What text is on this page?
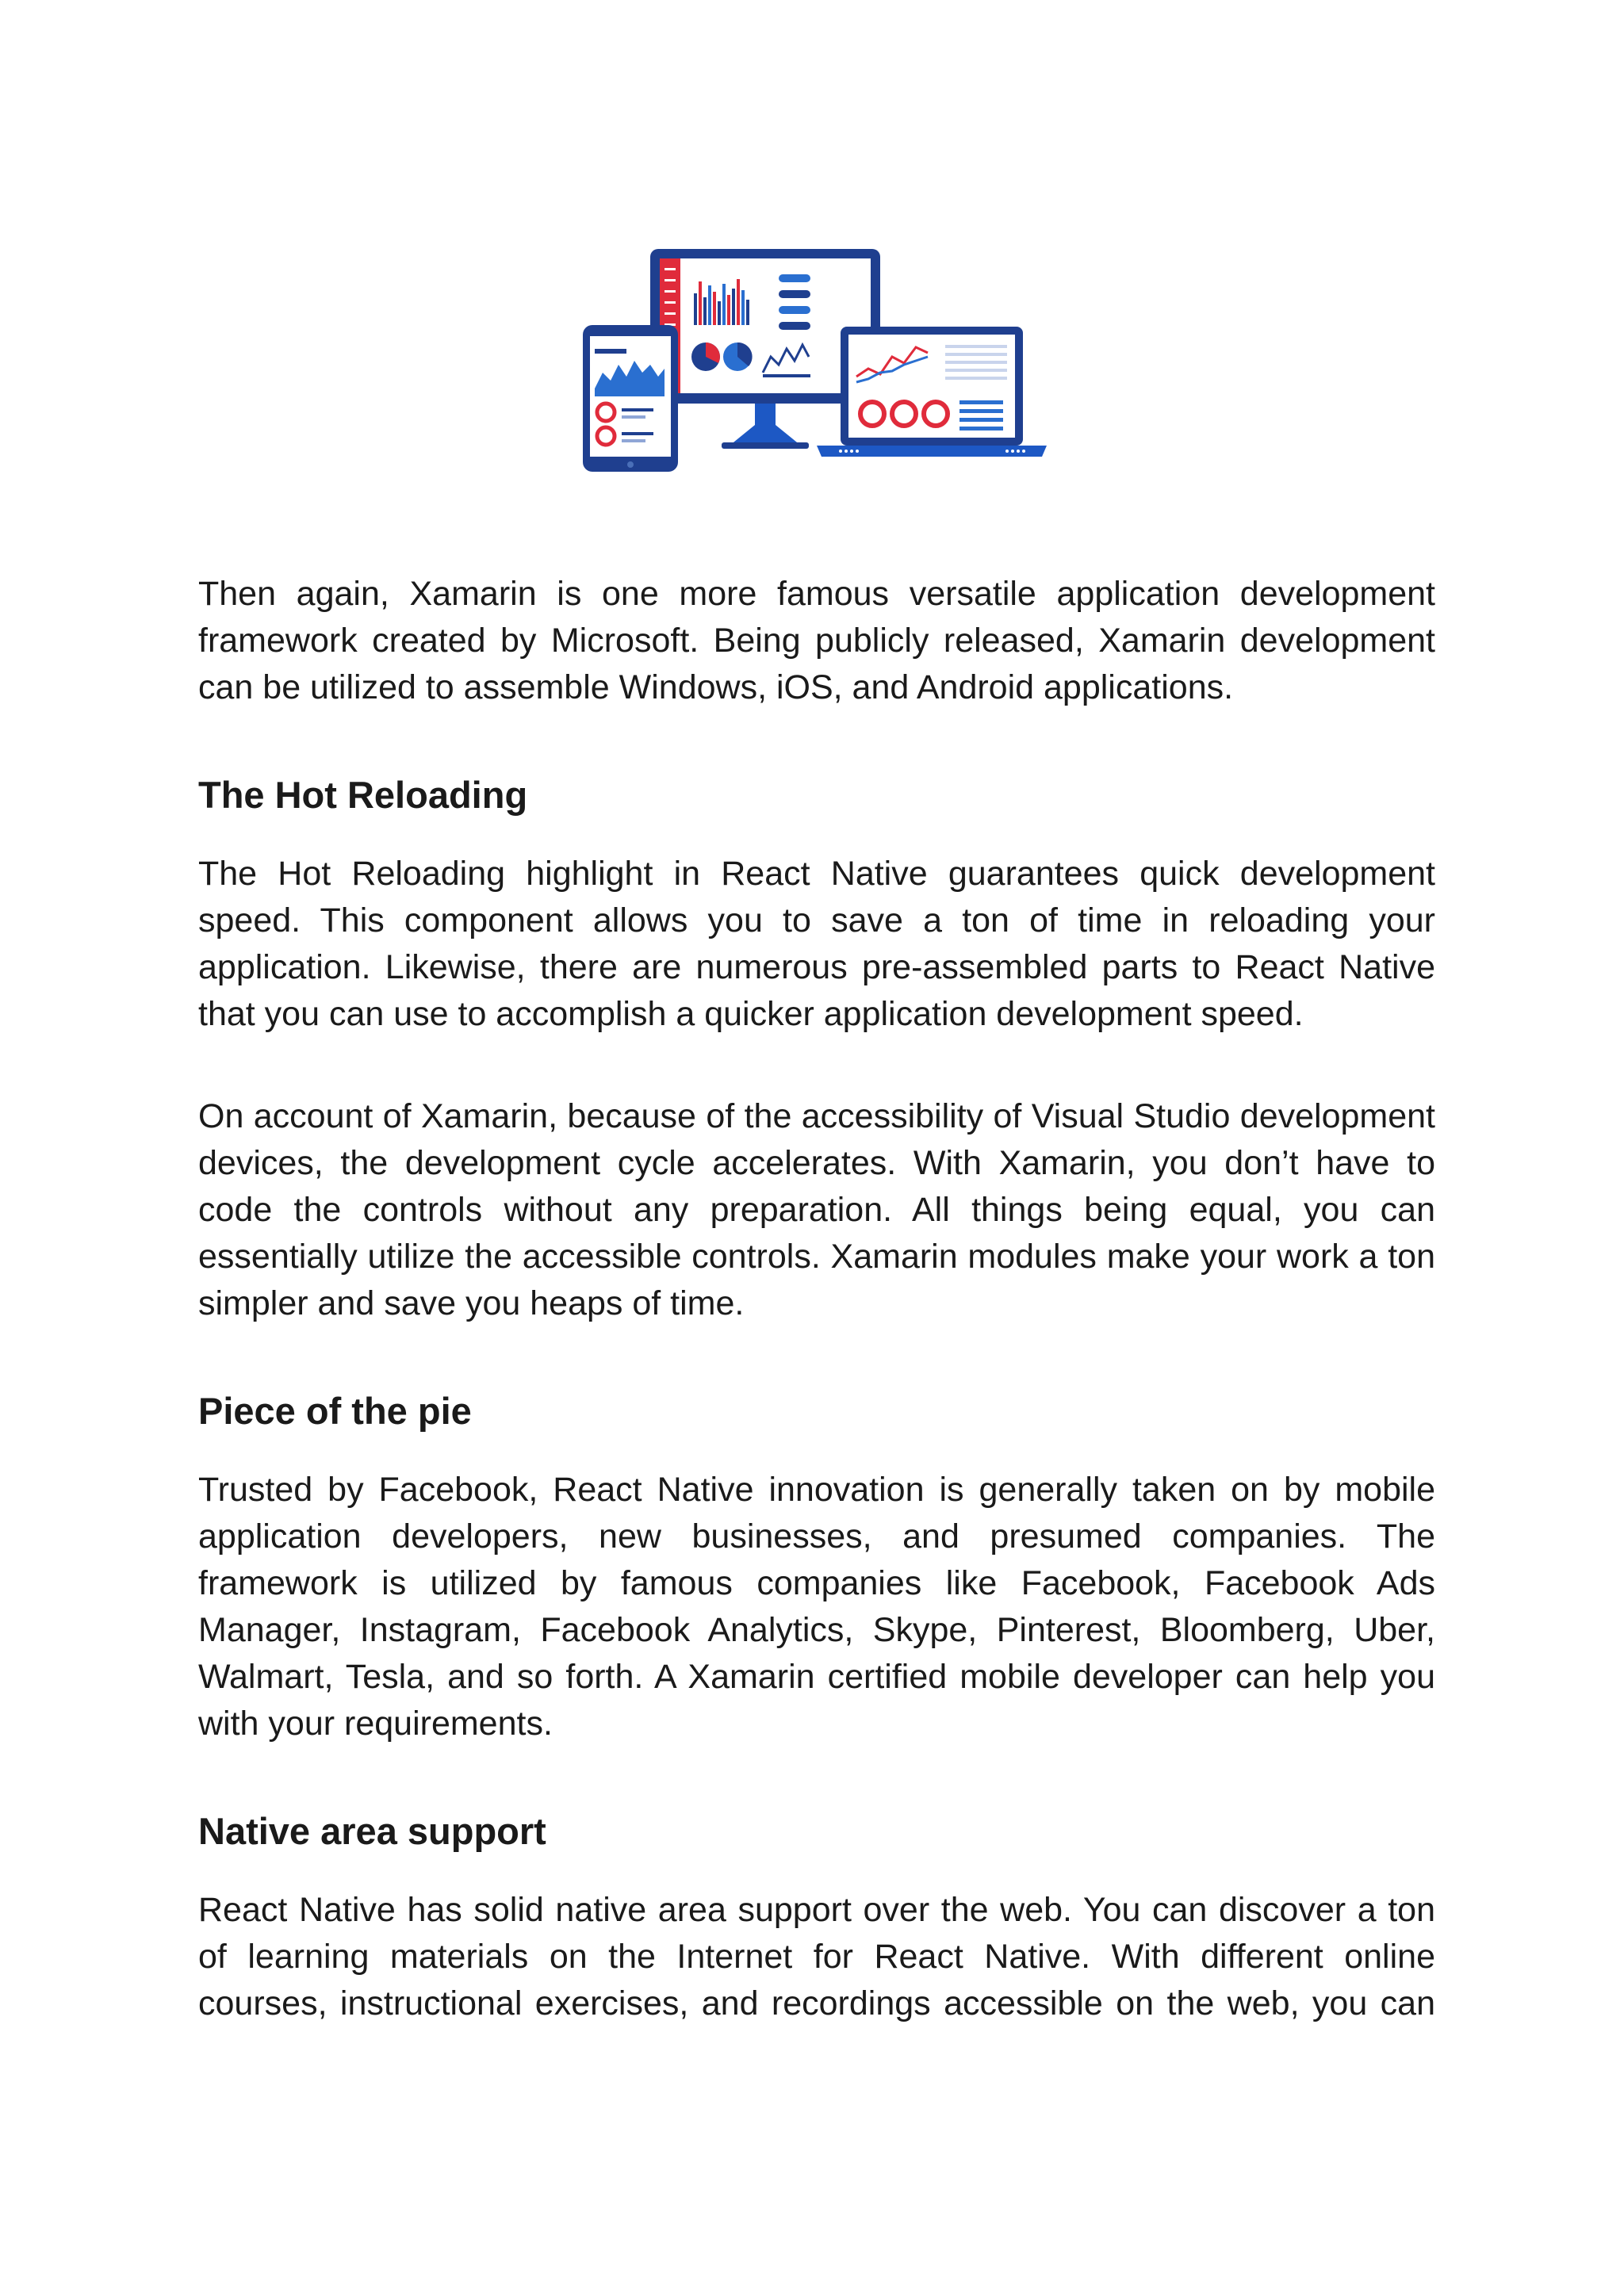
Then again, Xamarin is one more famous versatile application development framework created by Microsoft. Being publicly released, Xamarin development can be utilized to assemble Windows, iOS, and Android applications.

The Hot Reloading

The Hot Reloading highlight in React Native guarantees quick development speed. This component allows you to save a ton of time in reloading your application. Likewise, there are numerous pre-assembled parts to React Native that you can use to accomplish a quicker application development speed.

On account of Xamarin, because of the accessibility of Visual Studio development devices, the development cycle accelerates. With Xamarin, you don’t have to code the controls without any preparation. All things being equal, you can essentially utilize the accessible controls. Xamarin modules make your work a ton simpler and save you heaps of time.

Piece of the pie

Trusted by Facebook, React Native innovation is generally taken on by mobile application developers, new businesses, and presumed companies. The framework is utilized by famous companies like Facebook, Facebook Ads Manager, Instagram, Facebook Analytics, Skype, Pinterest, Bloomberg, Uber, Walmart, Tesla, and so forth. A Xamarin certified mobile developer can help you with your requirements.

Native area support

React Native has solid native area support over the web. You can discover a ton of learning materials on the Internet for React Native. With different online courses, instructional exercises, and recordings accessible on the web, you can
